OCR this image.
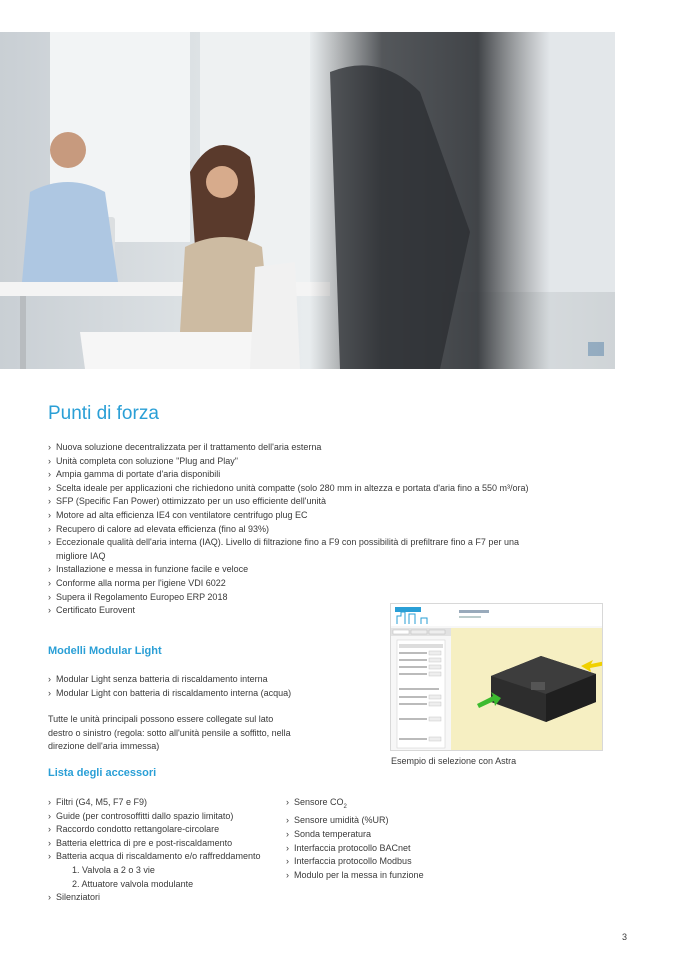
Punti di forza
› Nuova soluzione decentralizzata per il trattamento dell'aria esterna
› Unità completa con soluzione "Plug and Play"
› Ampia gamma di portate d'aria disponibili
› Scelta ideale per applicazioni che richiedono unità compatte (solo 280 mm in altezza e portata d'aria fino a 550 m³/ora)
› SFP (Specific Fan Power) ottimizzato per un uso efficiente dell'unità
› Motore ad alta efficienza IE4 con ventilatore centrifugo plug EC
› Recupero di calore ad elevata efficienza (fino al 93%)
› Eccezionale qualità dell'aria interna (IAQ). Livello di filtrazione fino a F9 con possibilità di prefiltrare fino a F7 per una migliore IAQ
› Installazione e messa in funzione facile e veloce
› Conforme alla norma per l'igiene VDI 6022
› Supera il Regolamento Europeo ERP 2018
› Certificato Eurovent

Esempio di selezione con Astra

Modelli Modular Light
› Modular Light senza batteria di riscaldamento interna
› Modular Light con batteria di riscaldamento interna (acqua)

Tutte le unità principali possono essere collegate sul lato destro o sinistro (regola: sotto all'unità pensile a soffitto, nella direzione dell'aria immessa)

Lista degli accessori
› Filtri (G4, M5, F7 e F9)
› Guide (per controsoffitti dallo spazio limitato)
› Raccordo condotto rettangolare-circolare
› Batteria elettrica di pre e post-riscaldamento
› Batteria acqua di riscaldamento e/o raffreddamento
1. Valvola a 2 o 3 vie
2. Attuatore valvola modulante
› Silenziatori
› Sensore $CO_2$
› Sensore umidità (%UR)
› Sonda temperatura
› Interfaccia protocollo BACnet
› Interfaccia protocollo Modbus
› Modulo per la messa in funzione
3
